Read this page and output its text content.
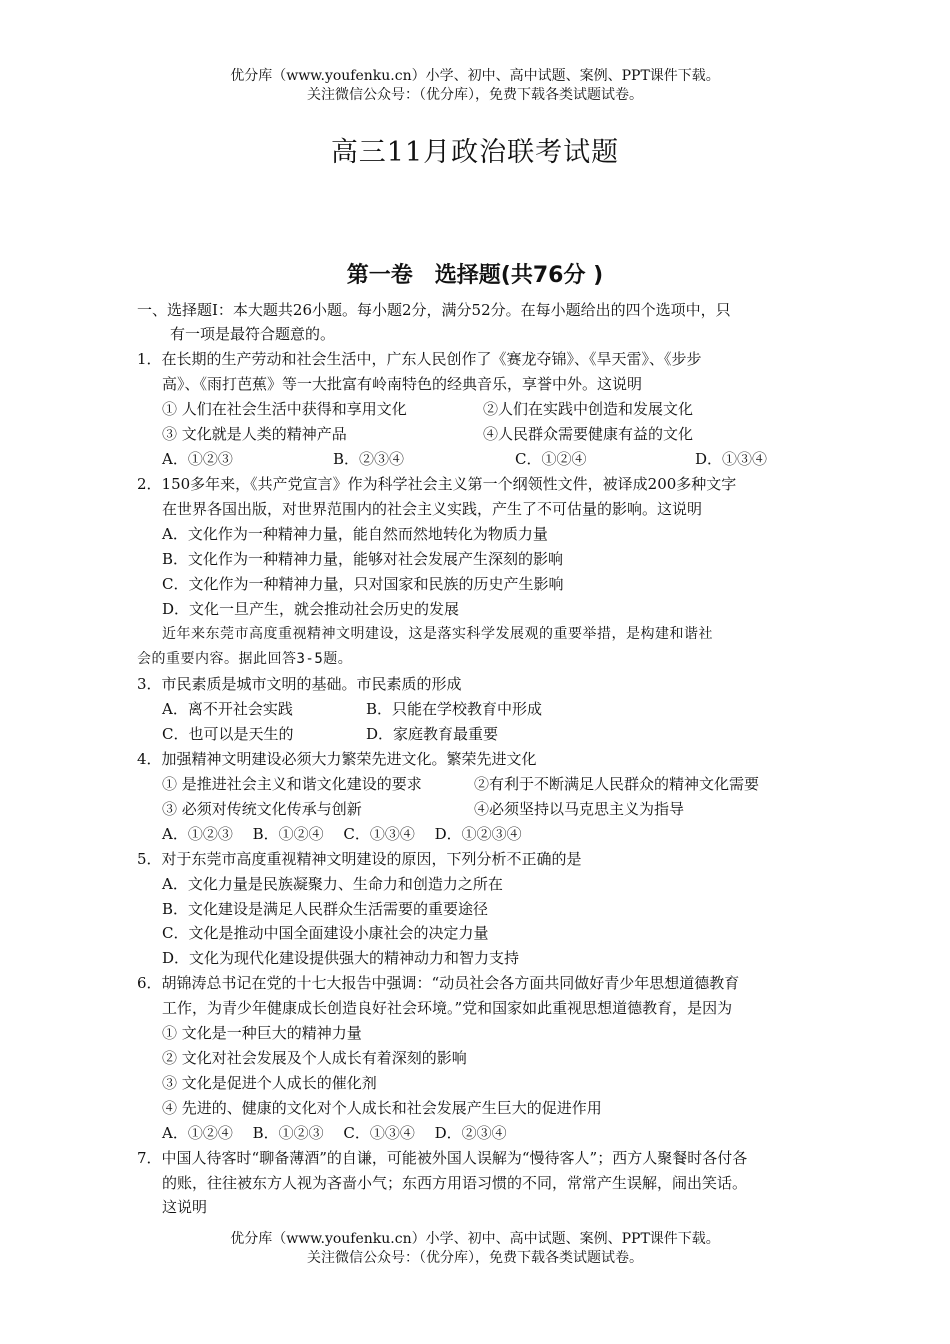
优分库（www.youfenku.cn）小学、初中、高中试题、案例、PPT课件下载。
关注微信公众号：（优分库），免费下载各类试题试卷。
高三11月政治联考试题
第一卷　选择题(共76分 )
一、选择题Ⅰ：本大题共26小题。每小题2分，满分52分。在每小题给出的四个选项中，只
有一项是最符合题意的。
1．在长期的生产劳动和社会生活中，广东人民创作了《赛龙夺锦》、《旱天雷》、《步步
高》、《雨打芭蕉》等一大批富有岭南特色的经典音乐，享誉中外。这说明
① 人们在社会生活中获得和享用文化	②人们在实践中创造和发展文化
③ 文化就是人类的精神产品	④人民群众需要健康有益的文化
A．①②③	B．②③④	C．①②④	D．①③④
2．150多年来，《共产党宣言》作为科学社会主义第一个纲领性文件，被译成200多种文字
在世界各国出版，对世界范围内的社会主义实践，产生了不可估量的影响。这说明
A．文化作为一种精神力量，能自然而然地转化为物质力量
B．文化作为一种精神力量，能够对社会发展产生深刻的影响
C．文化作为一种精神力量，只对国家和民族的历史产生影响
D．文化一旦产生，就会推动社会历史的发展
近年来东莞市高度重视精神文明建设，这是落实科学发展观的重要举措，是构建和谐社
会的重要内容。据此回答3-5题。
3．市民素质是城市文明的基础。市民素质的形成
A．离不开社会实践	B．只能在学校教育中形成
C．也可以是天生的	D．家庭教育最重要
4．加强精神文明建设必须大力繁荣先进文化。繁荣先进文化
① 是推进社会主义和谐文化建设的要求	②有利于不断满足人民群众的精神文化需要
③ 必须对传统文化传承与创新	④必须坚持以马克思主义为指导
A．①②③　 B．①②④　 C．①③④　 D．①②③④
5．对于东莞市高度重视精神文明建设的原因，下列分析不正确的是
A．文化力量是民族凝聚力、生命力和创造力之所在
B．文化建设是满足人民群众生活需要的重要途径
C．文化是推动中国全面建设小康社会的决定力量
D．文化为现代化建设提供强大的精神动力和智力支持
6．胡锦涛总书记在党的十七大报告中强调：“动员社会各方面共同做好青少年思想道德教育
工作，为青少年健康成长创造良好社会环境。”党和国家如此重视思想道德教育，是因为
① 文化是一种巨大的精神力量
② 文化对社会发展及个人成长有着深刻的影响
③ 文化是促进个人成长的催化剂
④ 先进的、健康的文化对个人成长和社会发展产生巨大的促进作用
A．①②④　 B．①②③　 C．①③④　 D．②③④
7．中国人待客时“聊备薄酒”的自谦，可能被外国人误解为“慢待客人”；西方人聚餐时各付各
的账，往往被东方人视为吝啬小气；东西方用语习惯的不同，常常产生误解，闹出笑话。
这说明
优分库（www.youfenku.cn）小学、初中、高中试题、案例、PPT课件下载。
关注微信公众号：（优分库），免费下载各类试题试卷。
